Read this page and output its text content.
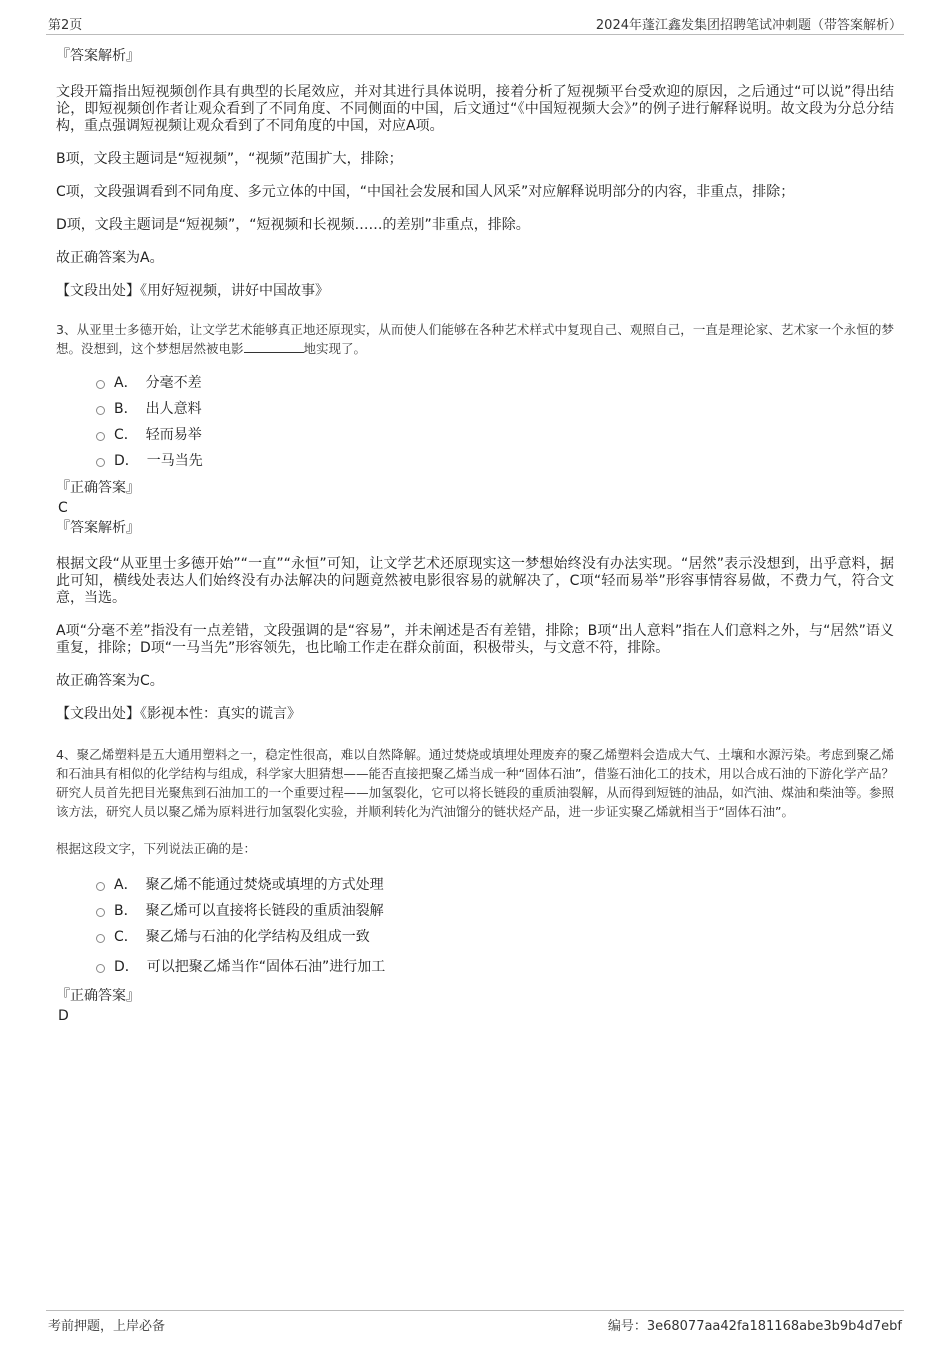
第2页	2024年蓬江鑫发集团招聘笔试冲刺题（带答案解析）

『答案解析』

文段开篇指出短视频创作具有典型的长尾效应，并对其进行具体说明，接着分析了短视频平台受欢迎的原因，之后通过“可以说”得出结论，即短视频创作者让观众看到了不同角度、不同侧面的中国，后文通过“《中国短视频大会》”的例子进行解释说明。故文段为分总分结构，重点强调短视频让观众看到了不同角度的中国，对应A项。

B项，文段主题词是“短视频”，“视频”范围扩大，排除；

C项，文段强调看到不同角度、多元立体的中国，“中国社会发展和国人风采”对应解释说明部分的内容，非重点，排除；

D项，文段主题词是“短视频”，“短视频和长视频……的差别”非重点，排除。

故正确答案为A。

【文段出处】《用好短视频，讲好中国故事》

3、从亚里士多德开始，让文学艺术能够真正地还原现实，从而使人们能够在各种艺术样式中复现自己、观照自己，一直是理论家、艺术家一个永恒的梦想。没想到，这个梦想居然被电影	地实现了。

A． 分毫不差
B． 出人意料
C． 轻而易举
D． 一马当先

『正确答案』

C

『答案解析』

根据文段“从亚里士多德开始”“一直”“永恒”可知，让文学艺术还原现实这一梦想始终没有办法实现。“居然”表示没想到，出乎意料，据此可知，横线处表达人们始终没有办法解决的问题竟然被电影很容易的就解决了，C项“轻而易举”形容事情容易做，不费力气，符合文意，当选。

A项“分毫不差”指没有一点差错，文段强调的是“容易”，并未阐述是否有差错，排除；B项“出人意料”指在人们意料之外，与“居然”语义重复，排除；D项“一马当先”形容领先，也比喻工作走在群众前面，积极带头，与文意不符，排除。

故正确答案为C。

【文段出处】《影视本性：真实的谎言》

4、聚乙烯塑料是五大通用塑料之一，稳定性很高，难以自然降解。通过焚烧或填埋处理废弃的聚乙烯塑料会造成大气、土壤和水源污染。考虑到聚乙烯和石油具有相似的化学结构与组成，科学家大胆猜想——能否直接把聚乙烯当成一种“固体石油”，借鉴石油化工的技术，用以合成石油的下游化学产品？研究人员首先把目光聚焦到石油加工的一个重要过程——加氢裂化，它可以将长链段的重质油裂解，从而得到短链的油品，如汽油、煤油和柴油等。参照该方法，研究人员以聚乙烯为原料进行加氢裂化实验，并顺利转化为汽油馏分的链状烃产品，进一步证实聚乙烯就相当于“固体石油”。

根据这段文字，下列说法正确的是：

A． 聚乙烯不能通过焚烧或填埋的方式处理
B． 聚乙烯可以直接将长链段的重质油裂解
C． 聚乙烯与石油的化学结构及组成一致
D． 可以把聚乙烯当作“固体石油”进行加工

『正确答案』

D

考前押题，上岸必备	编号：3e68077aa42fa181168abe3b9b4d7ebf
